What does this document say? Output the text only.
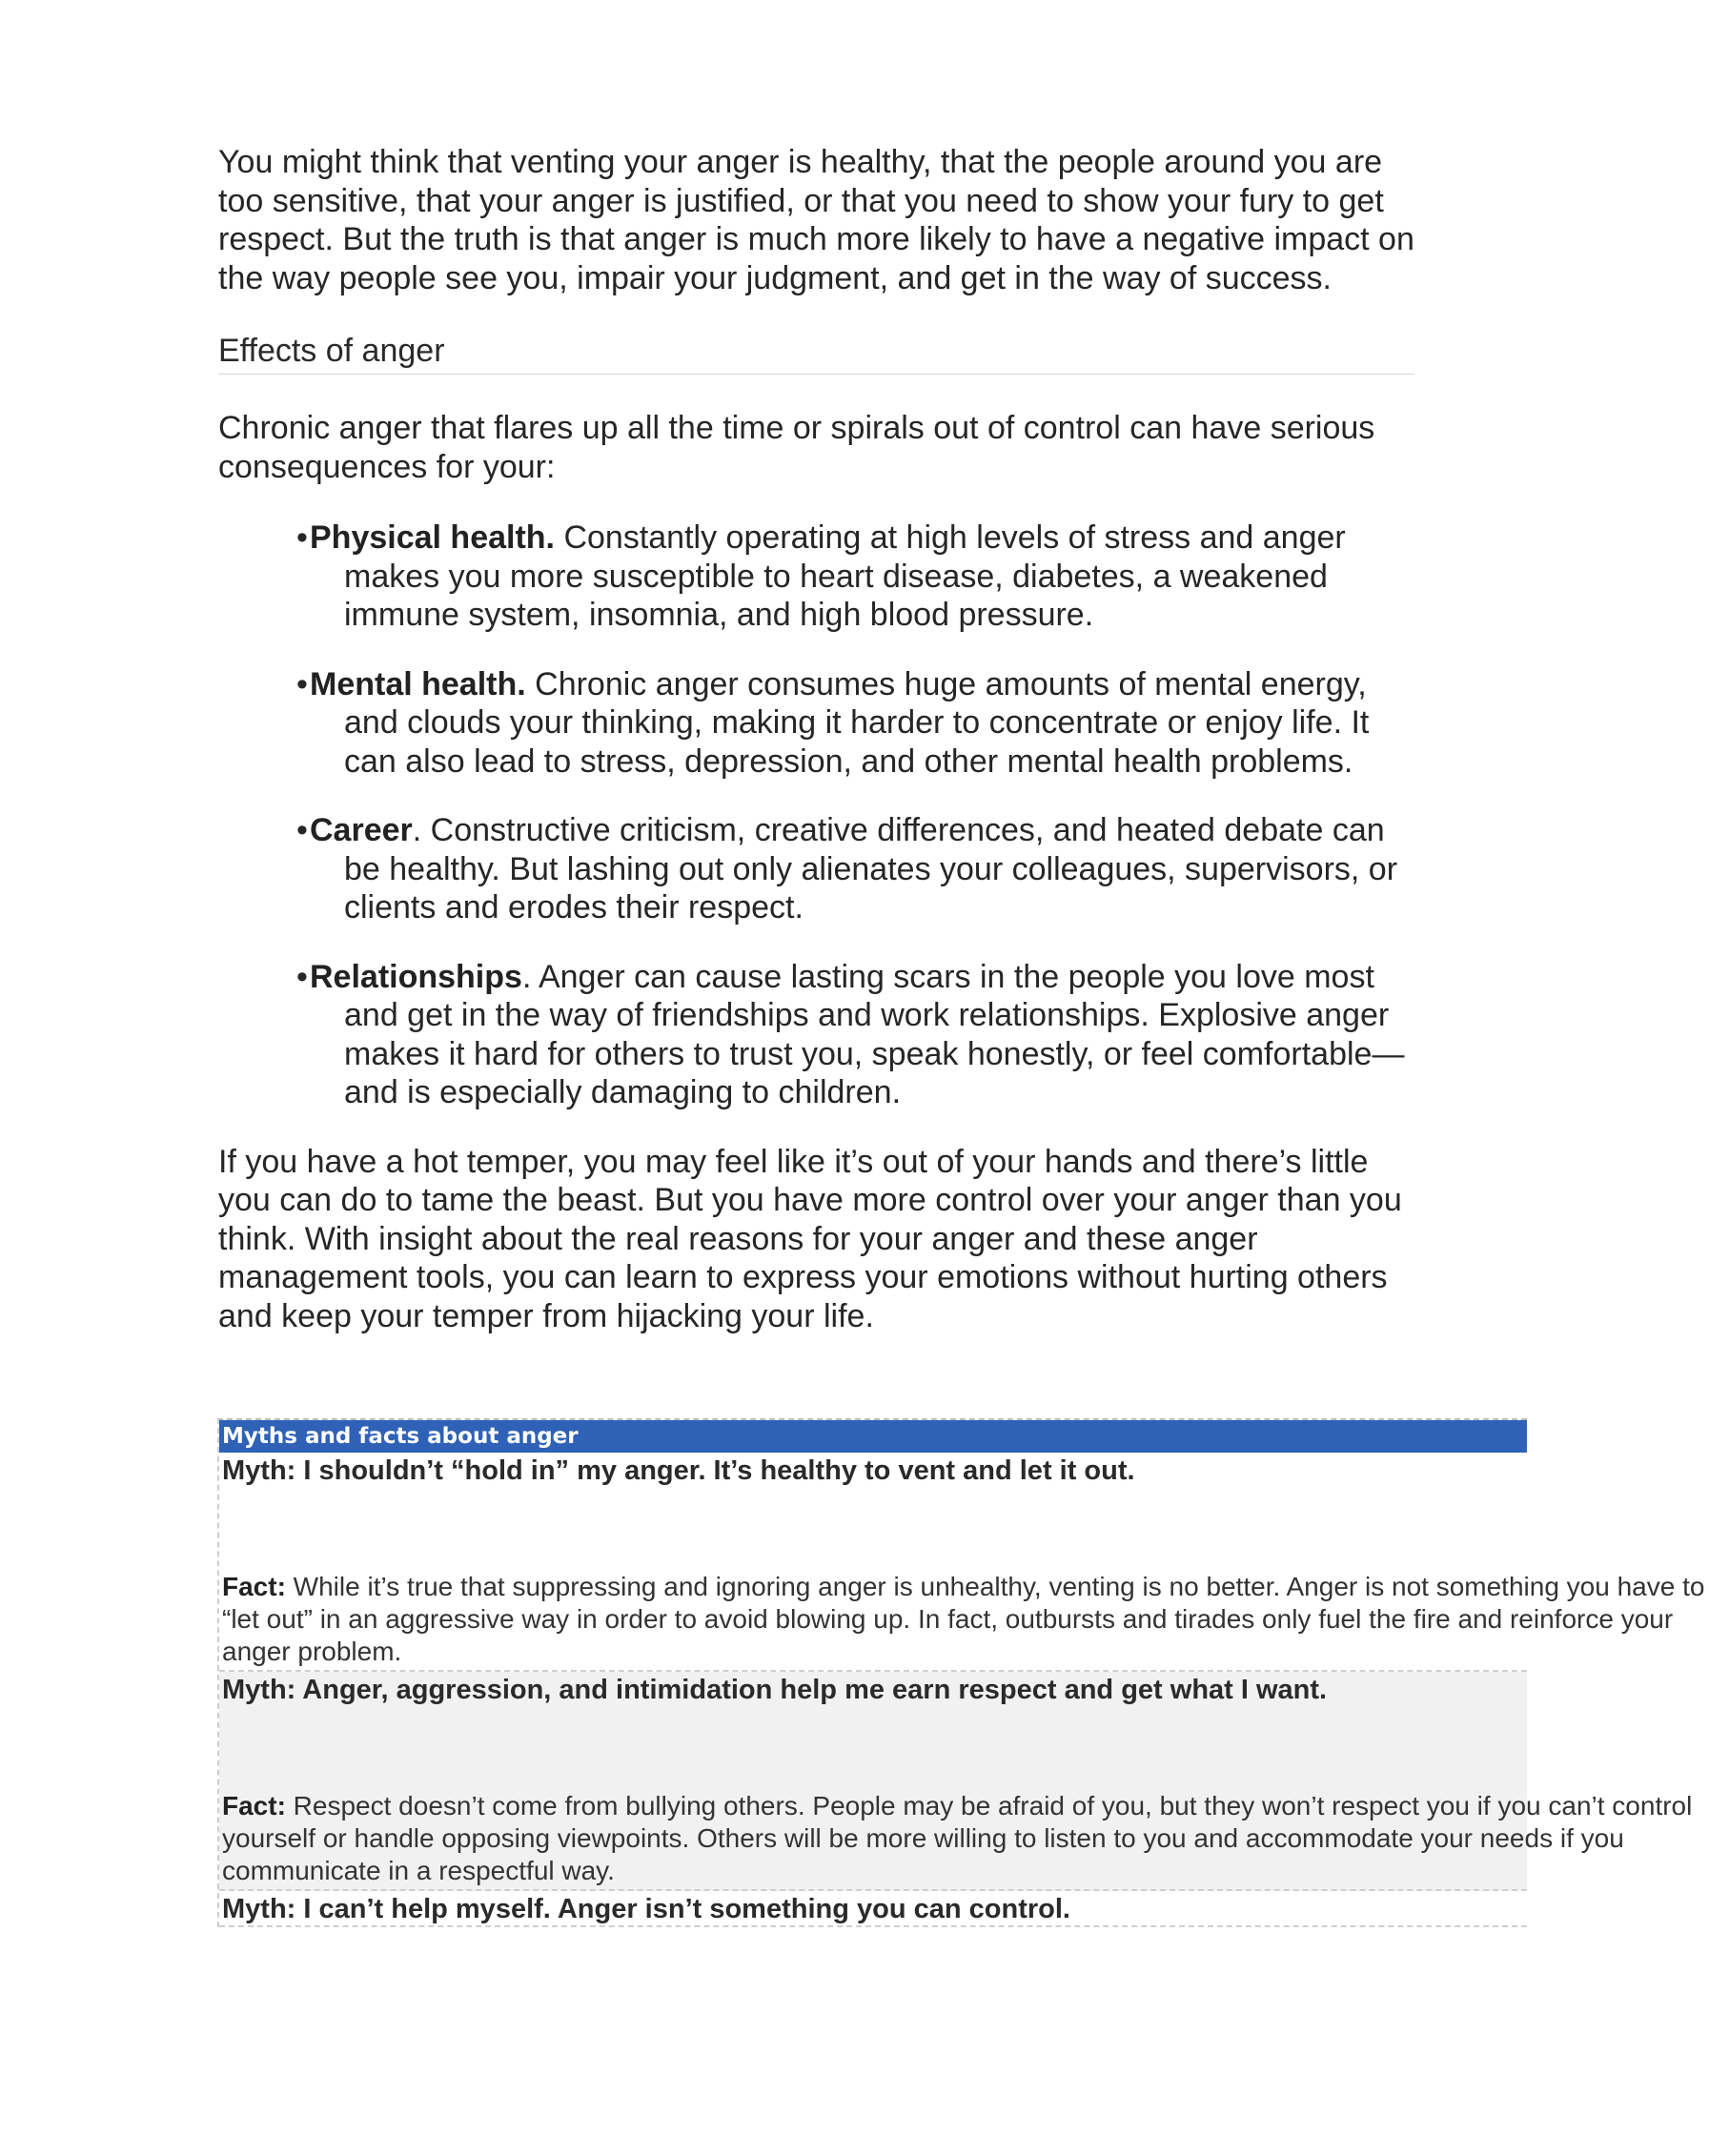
You might think that venting your anger is healthy, that the people around you are too sensitive, that your anger is justified, or that you need to show your fury to get respect. But the truth is that anger is much more likely to have a negative impact on the way people see you, impair your judgment, and get in the way of success.

Effects of anger

Chronic anger that flares up all the time or spirals out of control can have serious consequences for your:

•Physical health. Constantly operating at high levels of stress and anger makes you more susceptible to heart disease, diabetes, a weakened immune system, insomnia, and high blood pressure.
•Mental health. Chronic anger consumes huge amounts of mental energy, and clouds your thinking, making it harder to concentrate or enjoy life. It can also lead to stress, depression, and other mental health problems.
•Career. Constructive criticism, creative differences, and heated debate can be healthy. But lashing out only alienates your colleagues, supervisors, or clients and erodes their respect.
•Relationships. Anger can cause lasting scars in the people you love most and get in the way of friendships and work relationships. Explosive anger makes it hard for others to trust you, speak honestly, or feel comfortable—and is especially damaging to children.

If you have a hot temper, you may feel like it’s out of your hands and there’s little you can do to tame the beast. But you have more control over your anger than you think. With insight about the real reasons for your anger and these anger management tools, you can learn to express your emotions without hurting others and keep your temper from hijacking your life.

Myths and facts about anger
Myth: I shouldn’t “hold in” my anger. It’s healthy to vent and let it out.
Fact: While it’s true that suppressing and ignoring anger is unhealthy, venting is no better. Anger is not something you have to “let out” in an aggressive way in order to avoid blowing up. In fact, outbursts and tirades only fuel the fire and reinforce your anger problem.
Myth: Anger, aggression, and intimidation help me earn respect and get what I want.
Fact: Respect doesn’t come from bullying others. People may be afraid of you, but they won’t respect you if you can’t control yourself or handle opposing viewpoints. Others will be more willing to listen to you and accommodate your needs if you communicate in a respectful way.
Myth: I can’t help myself. Anger isn’t something you can control.
